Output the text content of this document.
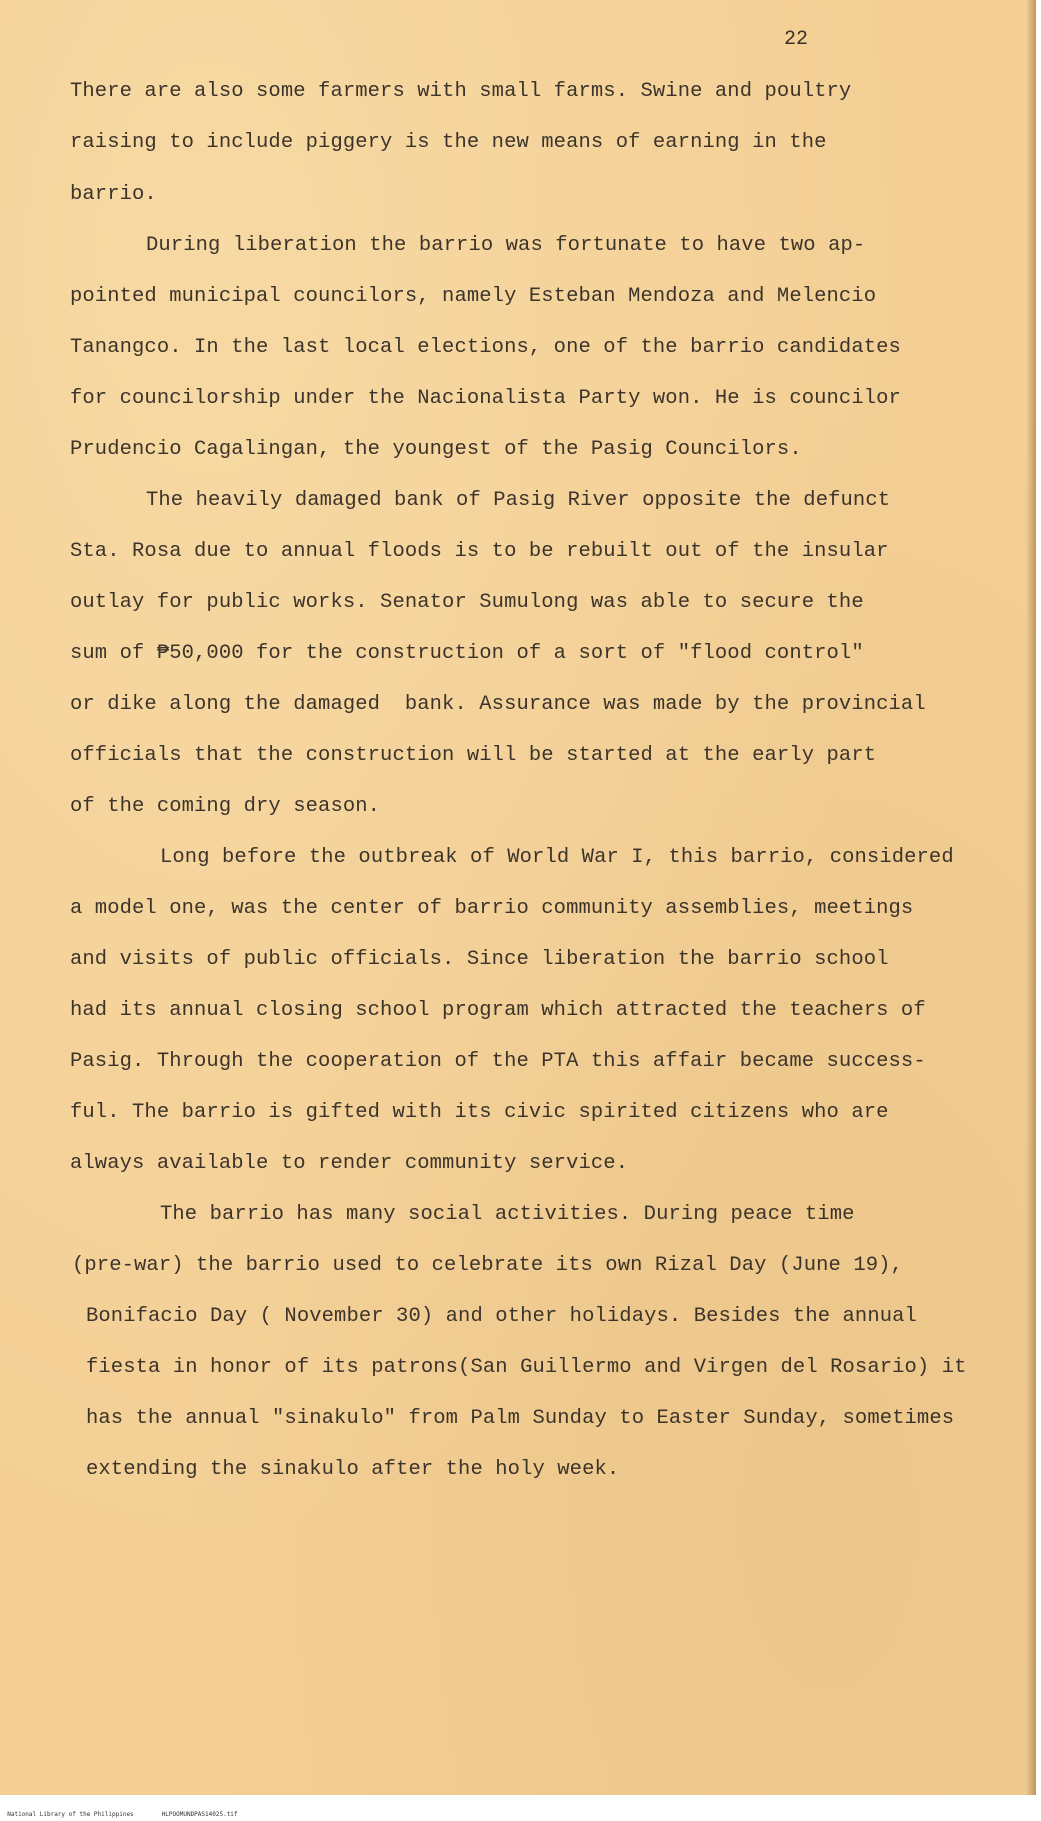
22

There are also some farmers with small farms. Swine and poultry

raising to include piggery is the new means of earning in the

barrio.

During liberation the barrio was fortunate to have two ap-

pointed municipal councilors, namely Esteban Mendoza and Melencio

Tanangco. In the last local elections, one of the barrio candidates

for councilorship under the Nacionalista Party won. He is councilor

Prudencio Cagalingan, the youngest of the Pasig Councilors.

The heavily damaged bank of Pasig River opposite the defunct

Sta. Rosa due to annual floods is to be rebuilt out of the insular

outlay for public works. Senator Sumulong was able to secure the

sum of ₱50,000 for the construction of a sort of "flood control"

or dike along the damaged  bank. Assurance was made by the provincial

officials that the construction will be started at the early part

of the coming dry season.

Long before the outbreak of World War I, this barrio, considered

a model one, was the center of barrio community assemblies, meetings

and visits of public officials. Since liberation the barrio school

had its annual closing school program which attracted the teachers of

Pasig. Through the cooperation of the PTA this affair became success-

ful. The barrio is gifted with its civic spirited citizens who are

always available to render community service.

The barrio has many social activities. During peace time

(pre-war) the barrio used to celebrate its own Rizal Day (June 19),

Bonifacio Day ( November 30) and other holidays. Besides the annual

fiesta in honor of its patrons(San Guillermo and Virgen del Rosario) it

has the annual "sinakulo" from Palm Sunday to Easter Sunday, sometimes

extending the sinakulo after the holy week.

National Library of the Philippines	HLPOOMUNDPAS14025.tif
